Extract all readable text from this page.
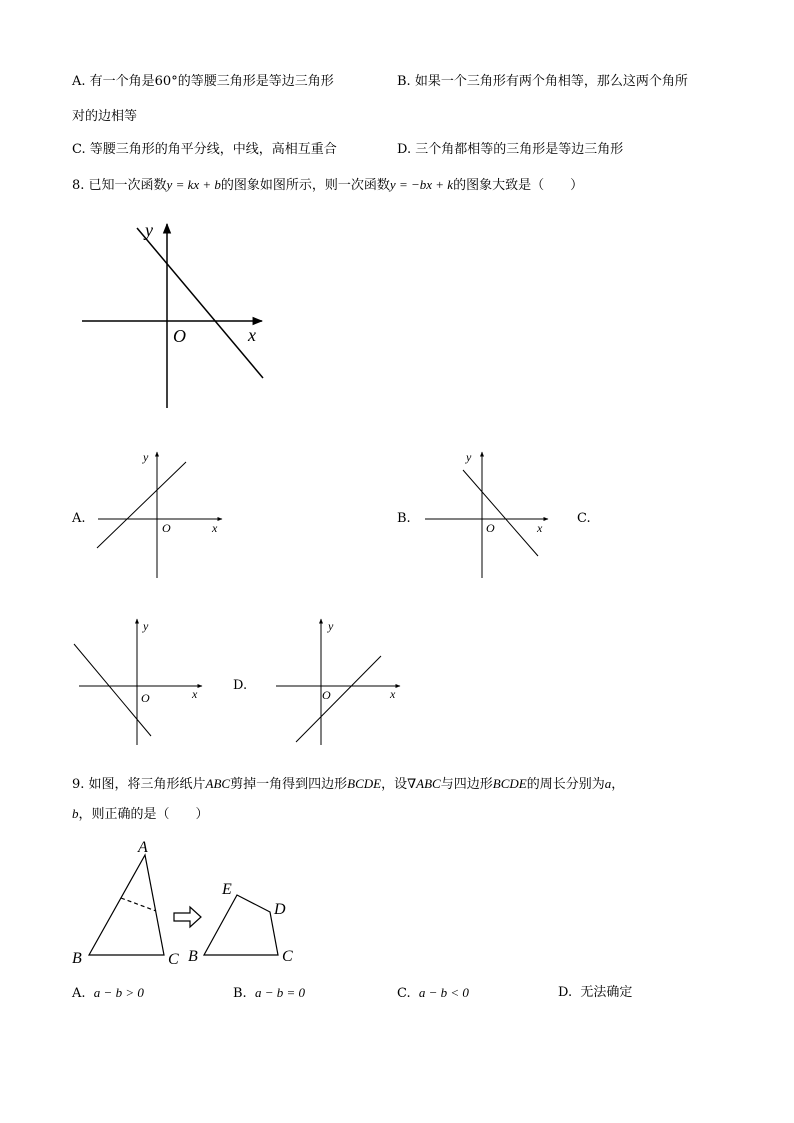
A. 有一个角是60°的等腰三角形是等边三角形	B. 如果一个三角形有两个角相等，那么这两个角所
对的边相等
C. 等腰三角形的角平分线，中线，高相互重合	D. 三个角都相等的三角形是等边三角形
8. 已知一次函数y = kx + b的图象如图所示，则一次函数y = −bx + k的图象大致是（　　）
y
x
O
y
x
O
y
x
O
y
x
O
y
x
O
A
B	C
E
D
B	C
A.	B.	C.
D.
9. 如图，将三角形纸片ABC剪掉一角得到四边形BCDE，设∇ABC与四边形BCDE的周长分别为a，
b，则正确的是（　　）
A. a − b > 0	B. a − b = 0	C. a − b < 0	D. 无法确定
